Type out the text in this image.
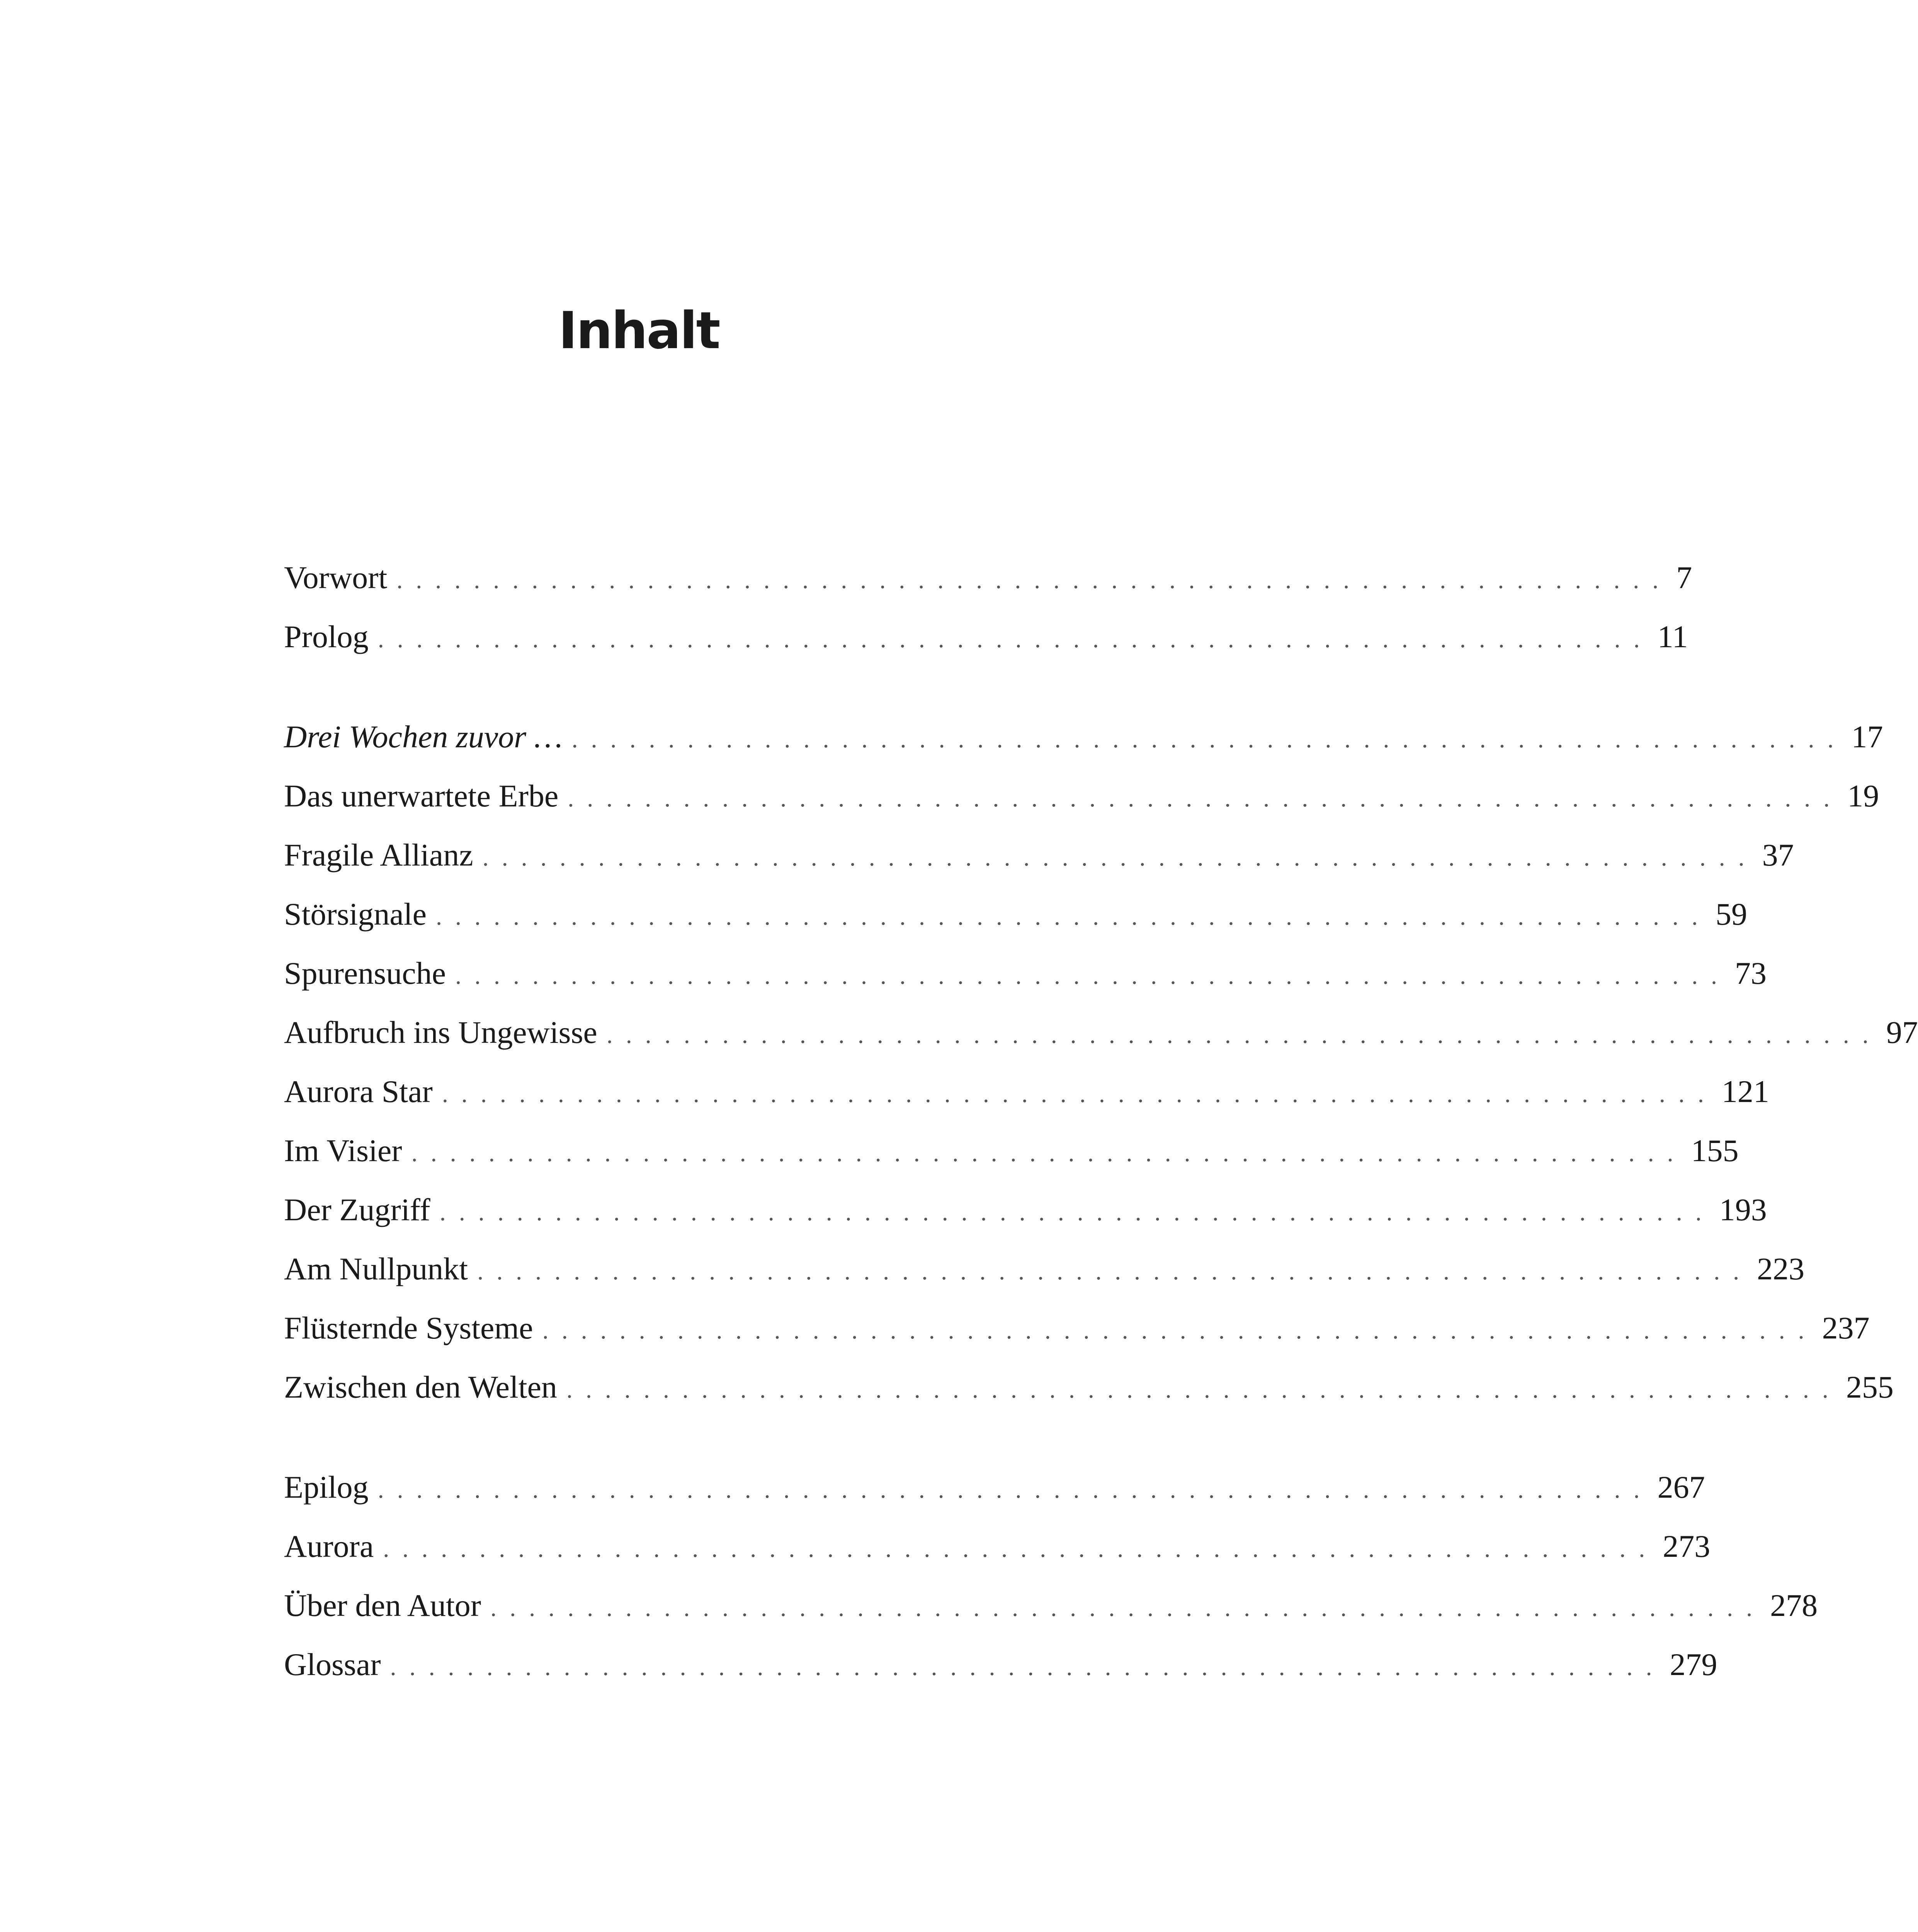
Inhalt
Vorwort .................................................................. 7
Prolog .................................................................. 11
Drei Wochen zuvor … .................................................................. 17
Das unerwartete Erbe .................................................................. 19
Fragile Allianz .................................................................. 37
Störsignale .................................................................. 59
Spurensuche .................................................................. 73
Aufbruch ins Ungewisse .................................................................. 97
Aurora Star .................................................................. 121
Im Visier .................................................................. 155
Der Zugriff .................................................................. 193
Am Nullpunkt .................................................................. 223
Flüsternde Systeme .................................................................. 237
Zwischen den Welten .................................................................. 255
Epilog .................................................................. 267
Aurora .................................................................. 273
Über den Autor .................................................................. 278
Glossar .................................................................. 279
